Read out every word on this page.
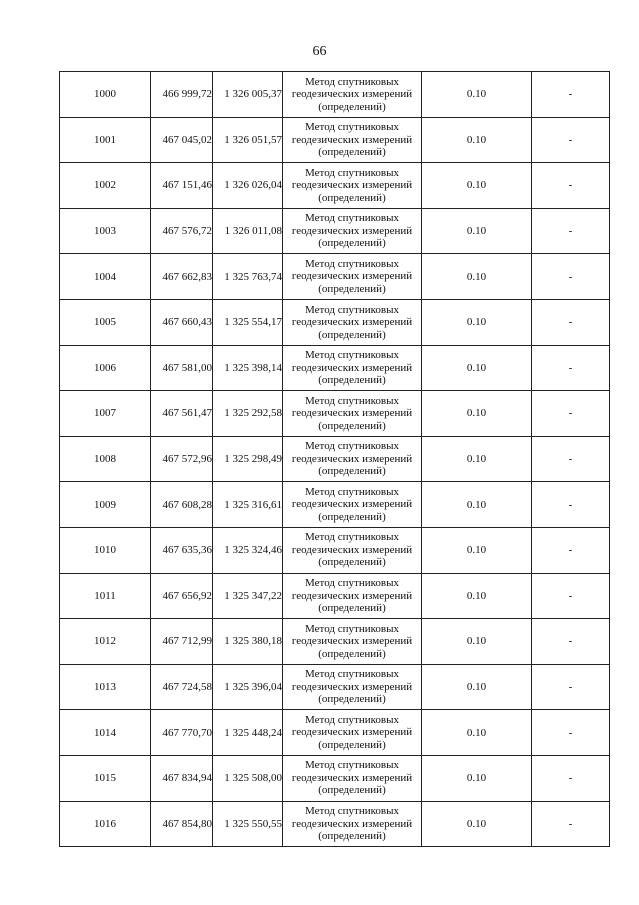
66
1000	466 999,72	1 326 005,37	Метод спутниковых
геодезических измерений
(определений)	0.10	-
1001	467 045,02	1 326 051,57	Метод спутниковых
геодезических измерений
(определений)	0.10	-
1002	467 151,46	1 326 026,04	Метод спутниковых
геодезических измерений
(определений)	0.10	-
1003	467 576,72	1 326 011,08	Метод спутниковых
геодезических измерений
(определений)	0.10	-
1004	467 662,83	1 325 763,74	Метод спутниковых
геодезических измерений
(определений)	0.10	-
1005	467 660,43	1 325 554,17	Метод спутниковых
геодезических измерений
(определений)	0.10	-
1006	467 581,00	1 325 398,14	Метод спутниковых
геодезических измерений
(определений)	0.10	-
1007	467 561,47	1 325 292,58	Метод спутниковых
геодезических измерений
(определений)	0.10	-
1008	467 572,96	1 325 298,49	Метод спутниковых
геодезических измерений
(определений)	0.10	-
1009	467 608,28	1 325 316,61	Метод спутниковых
геодезических измерений
(определений)	0.10	-
1010	467 635,36	1 325 324,46	Метод спутниковых
геодезических измерений
(определений)	0.10	-
1011	467 656,92	1 325 347,22	Метод спутниковых
геодезических измерений
(определений)	0.10	-
1012	467 712,99	1 325 380,18	Метод спутниковых
геодезических измерений
(определений)	0.10	-
1013	467 724,58	1 325 396,04	Метод спутниковых
геодезических измерений
(определений)	0.10	-
1014	467 770,70	1 325 448,24	Метод спутниковых
геодезических измерений
(определений)	0.10	-
1015	467 834,94	1 325 508,00	Метод спутниковых
геодезических измерений
(определений)	0.10	-
1016	467 854,80	1 325 550,55	Метод спутниковых
геодезических измерений
(определений)	0.10	-
